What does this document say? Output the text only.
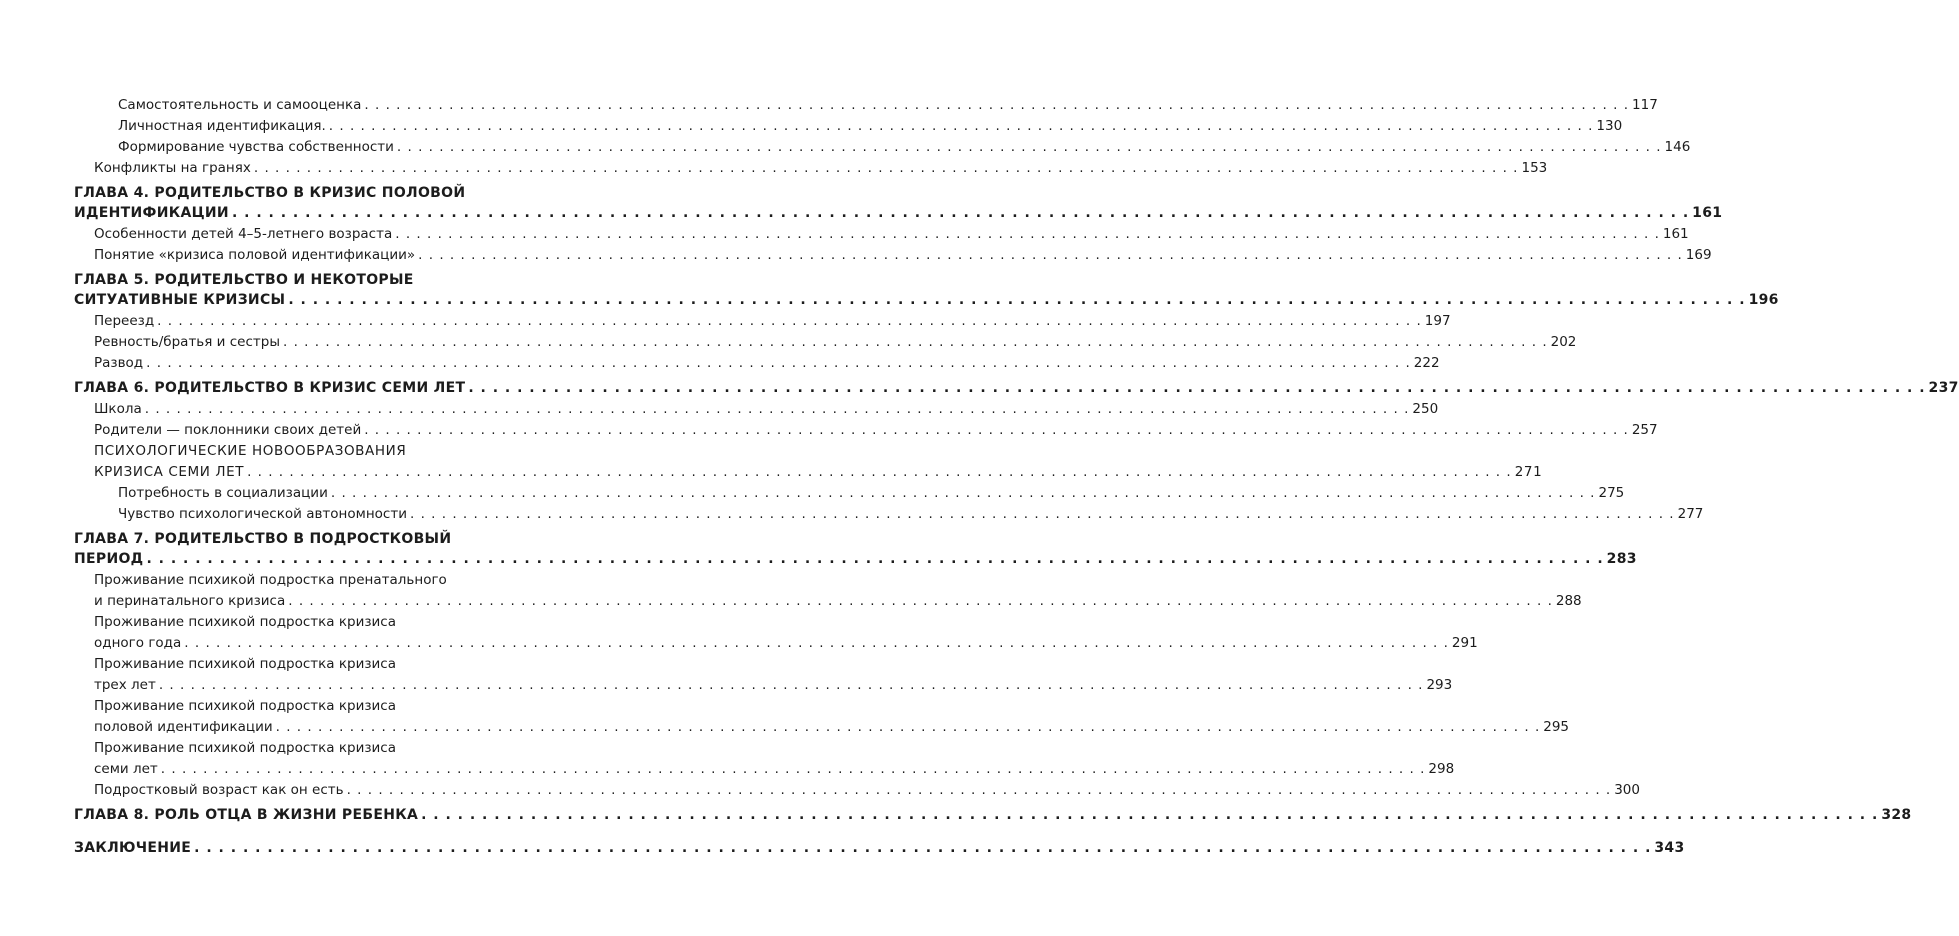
Самостоятельность и самооценка . . . . . . . . . . . . . . . . . . . . . . . . . . . . . . . . . . . . . . . . . . . . . . . . . . . . . . . . . . . . . . . . . . . . . . . . . . . . . . . . . . . . . . . . . . . . . . . . . . . . . . . . . . . . . . . . . . . . . . . . 117
Личностная идентификация. . . . . . . . . . . . . . . . . . . . . . . . . . . . . . . . . . . . . . . . . . . . . . . . . . . . . . . . . . . . . . . . . . . . . . . . . . . . . . . . . . . . . . . . . . . . . . . . . . . . . . . . . . . . . . . . . . . . . . . . . 130
Формирование чувства собственности . . . . . . . . . . . . . . . . . . . . . . . . . . . . . . . . . . . . . . . . . . . . . . . . . . . . . . . . . . . . . . . . . . . . . . . . . . . . . . . . . . . . . . . . . . . . . . . . . . . . . . . . . . . . . . . . . . . . . . . . 146
Конфликты на гранях . . . . . . . . . . . . . . . . . . . . . . . . . . . . . . . . . . . . . . . . . . . . . . . . . . . . . . . . . . . . . . . . . . . . . . . . . . . . . . . . . . . . . . . . . . . . . . . . . . . . . . . . . . . . . . . . . . . . . . . . 153
ГЛАВА 4. РОДИТЕЛЬСТВО В КРИЗИС ПОЛОВОЙ
ИДЕНТИФИКАЦИИ . . . . . . . . . . . . . . . . . . . . . . . . . . . . . . . . . . . . . . . . . . . . . . . . . . . . . . . . . . . . . . . . . . . . . . . . . . . . . . . . . . . . . . . . . . . . . . . . . . . . . . . . . . . . . . . . . . . . . . . . 161
Особенности детей 4–5-летнего возраста . . . . . . . . . . . . . . . . . . . . . . . . . . . . . . . . . . . . . . . . . . . . . . . . . . . . . . . . . . . . . . . . . . . . . . . . . . . . . . . . . . . . . . . . . . . . . . . . . . . . . . . . . . . . . . . . . . . . . . . . 161
Понятие «кризиса половой идентификации» . . . . . . . . . . . . . . . . . . . . . . . . . . . . . . . . . . . . . . . . . . . . . . . . . . . . . . . . . . . . . . . . . . . . . . . . . . . . . . . . . . . . . . . . . . . . . . . . . . . . . . . . . . . . . . . . . . . . . . . . 169
ГЛАВА 5. РОДИТЕЛЬСТВО И НЕКОТОРЫЕ
СИТУАТИВНЫЕ КРИЗИСЫ . . . . . . . . . . . . . . . . . . . . . . . . . . . . . . . . . . . . . . . . . . . . . . . . . . . . . . . . . . . . . . . . . . . . . . . . . . . . . . . . . . . . . . . . . . . . . . . . . . . . . . . . . . . . . . . . . . . . . . . . 196
Переезд . . . . . . . . . . . . . . . . . . . . . . . . . . . . . . . . . . . . . . . . . . . . . . . . . . . . . . . . . . . . . . . . . . . . . . . . . . . . . . . . . . . . . . . . . . . . . . . . . . . . . . . . . . . . . . . . . . . . . . . . 197
Ревность/братья и сестры . . . . . . . . . . . . . . . . . . . . . . . . . . . . . . . . . . . . . . . . . . . . . . . . . . . . . . . . . . . . . . . . . . . . . . . . . . . . . . . . . . . . . . . . . . . . . . . . . . . . . . . . . . . . . . . . . . . . . . . . 202
Развод . . . . . . . . . . . . . . . . . . . . . . . . . . . . . . . . . . . . . . . . . . . . . . . . . . . . . . . . . . . . . . . . . . . . . . . . . . . . . . . . . . . . . . . . . . . . . . . . . . . . . . . . . . . . . . . . . . . . . . . . 222
ГЛАВА 6. РОДИТЕЛЬСТВО В КРИЗИС СЕМИ ЛЕТ . . . . . . . . . . . . . . . . . . . . . . . . . . . . . . . . . . . . . . . . . . . . . . . . . . . . . . . . . . . . . . . . . . . . . . . . . . . . . . . . . . . . . . . . . . . . . . . . . . . . . . . . . . . . . . . . . . . . . . . . 237
Школа . . . . . . . . . . . . . . . . . . . . . . . . . . . . . . . . . . . . . . . . . . . . . . . . . . . . . . . . . . . . . . . . . . . . . . . . . . . . . . . . . . . . . . . . . . . . . . . . . . . . . . . . . . . . . . . . . . . . . . . . 250
Родители — поклонники своих детей . . . . . . . . . . . . . . . . . . . . . . . . . . . . . . . . . . . . . . . . . . . . . . . . . . . . . . . . . . . . . . . . . . . . . . . . . . . . . . . . . . . . . . . . . . . . . . . . . . . . . . . . . . . . . . . . . . . . . . . . 257
ПСИХОЛОГИЧЕСКИЕ НОВООБРАЗОВАНИЯ
КРИЗИСА СЕМИ ЛЕТ . . . . . . . . . . . . . . . . . . . . . . . . . . . . . . . . . . . . . . . . . . . . . . . . . . . . . . . . . . . . . . . . . . . . . . . . . . . . . . . . . . . . . . . . . . . . . . . . . . . . . . . . . . . . . . . . . . . . . . . . 271
Потребность в социализации . . . . . . . . . . . . . . . . . . . . . . . . . . . . . . . . . . . . . . . . . . . . . . . . . . . . . . . . . . . . . . . . . . . . . . . . . . . . . . . . . . . . . . . . . . . . . . . . . . . . . . . . . . . . . . . . . . . . . . . . 275
Чувство психологической автономности . . . . . . . . . . . . . . . . . . . . . . . . . . . . . . . . . . . . . . . . . . . . . . . . . . . . . . . . . . . . . . . . . . . . . . . . . . . . . . . . . . . . . . . . . . . . . . . . . . . . . . . . . . . . . . . . . . . . . . . . 277
ГЛАВА 7. РОДИТЕЛЬСТВО В ПОДРОСТКОВЫЙ
ПЕРИОД . . . . . . . . . . . . . . . . . . . . . . . . . . . . . . . . . . . . . . . . . . . . . . . . . . . . . . . . . . . . . . . . . . . . . . . . . . . . . . . . . . . . . . . . . . . . . . . . . . . . . . . . . . . . . . . . . . . . . . . . 283
Проживание психикой подростка пренатального
и перинатального кризиса . . . . . . . . . . . . . . . . . . . . . . . . . . . . . . . . . . . . . . . . . . . . . . . . . . . . . . . . . . . . . . . . . . . . . . . . . . . . . . . . . . . . . . . . . . . . . . . . . . . . . . . . . . . . . . . . . . . . . . . . 288
Проживание психикой подростка кризиса
одного года . . . . . . . . . . . . . . . . . . . . . . . . . . . . . . . . . . . . . . . . . . . . . . . . . . . . . . . . . . . . . . . . . . . . . . . . . . . . . . . . . . . . . . . . . . . . . . . . . . . . . . . . . . . . . . . . . . . . . . . . 291
Проживание психикой подростка кризиса
трех лет . . . . . . . . . . . . . . . . . . . . . . . . . . . . . . . . . . . . . . . . . . . . . . . . . . . . . . . . . . . . . . . . . . . . . . . . . . . . . . . . . . . . . . . . . . . . . . . . . . . . . . . . . . . . . . . . . . . . . . . . 293
Проживание психикой подростка кризиса
половой идентификации . . . . . . . . . . . . . . . . . . . . . . . . . . . . . . . . . . . . . . . . . . . . . . . . . . . . . . . . . . . . . . . . . . . . . . . . . . . . . . . . . . . . . . . . . . . . . . . . . . . . . . . . . . . . . . . . . . . . . . . . 295
Проживание психикой подростка кризиса
семи лет . . . . . . . . . . . . . . . . . . . . . . . . . . . . . . . . . . . . . . . . . . . . . . . . . . . . . . . . . . . . . . . . . . . . . . . . . . . . . . . . . . . . . . . . . . . . . . . . . . . . . . . . . . . . . . . . . . . . . . . . 298
Подростковый возраст как он есть . . . . . . . . . . . . . . . . . . . . . . . . . . . . . . . . . . . . . . . . . . . . . . . . . . . . . . . . . . . . . . . . . . . . . . . . . . . . . . . . . . . . . . . . . . . . . . . . . . . . . . . . . . . . . . . . . . . . . . . . 300
ГЛАВА 8. РОЛЬ ОТЦА В ЖИЗНИ РЕБЕНКА . . . . . . . . . . . . . . . . . . . . . . . . . . . . . . . . . . . . . . . . . . . . . . . . . . . . . . . . . . . . . . . . . . . . . . . . . . . . . . . . . . . . . . . . . . . . . . . . . . . . . . . . . . . . . . . . . . . . . . . . 328
ЗАКЛЮЧЕНИЕ . . . . . . . . . . . . . . . . . . . . . . . . . . . . . . . . . . . . . . . . . . . . . . . . . . . . . . . . . . . . . . . . . . . . . . . . . . . . . . . . . . . . . . . . . . . . . . . . . . . . . . . . . . . . . . . . . . . . . . . . 343
